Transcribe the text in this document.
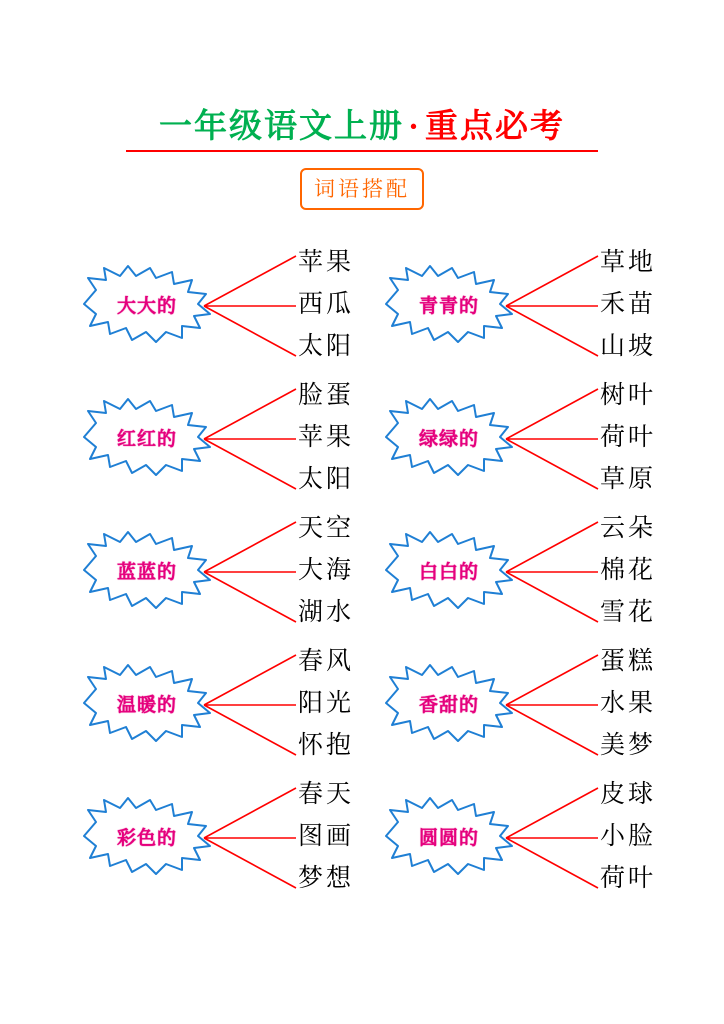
一年级语文上册 · 重点必考
词语搭配
大大的
苹果
西瓜
太阳
青青的
草地
禾苗
山坡
红红的
脸蛋
苹果
太阳
绿绿的
树叶
荷叶
草原
蓝蓝的
天空
大海
湖水
白白的
云朵
棉花
雪花
温暖的
春风
阳光
怀抱
香甜的
蛋糕
水果
美梦
彩色的
春天
图画
梦想
圆圆的
皮球
小脸
荷叶
